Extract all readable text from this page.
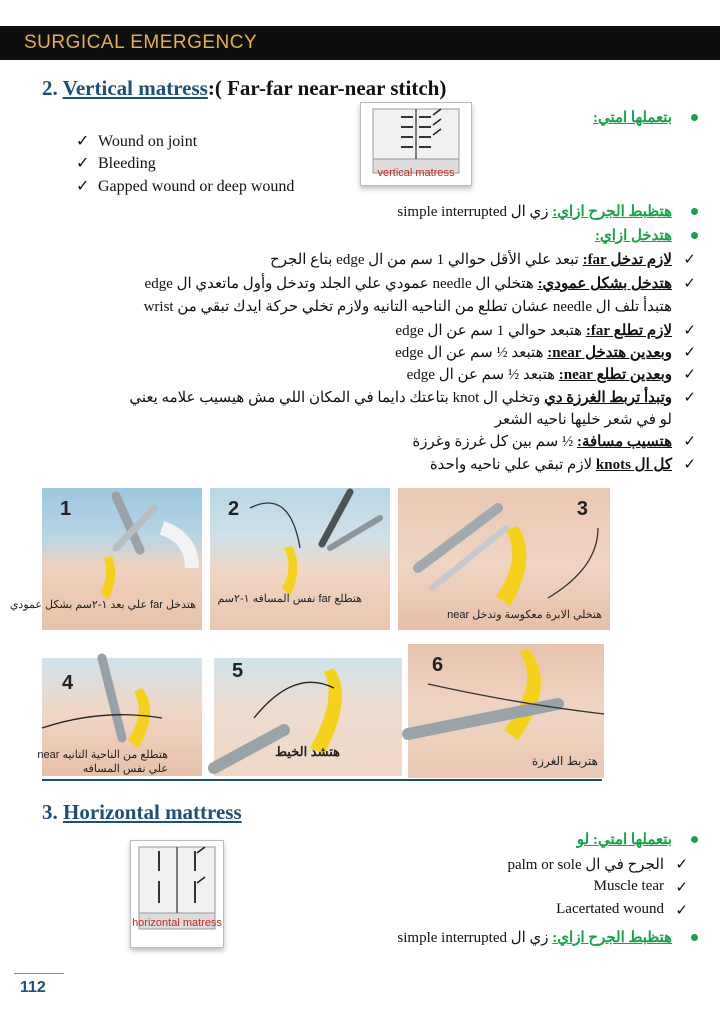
SURGICAL EMERGENCY
2. Vertical matress:( Far-far near-near stitch)
vertical matress
بتعملها امتي:
✓ Wound on joint
✓ Bleeding
✓ Gapped wound or deep wound
هتظبط الجرح ازاي: زي ال simple interrupted
هتدخل ازاي:
لازم تدخل far: تبعد علي الأقل حوالي 1 سم من ال edge بتاع الجرح	✓
هتدخل بشكل عمودي: هتخلي ال needle عمودي علي الجلد وتدخل وأول ماتعدي ال edge	✓
هتبدأ تلف ال needle عشان تطلع من الناحيه التانيه ولازم تخلي حركة ايدك تبقي من wrist
لازم تطلع far: هتبعد حوالي 1 سم عن ال edge	✓
وبعدين هتدخل near: هتبعد ½ سم عن ال edge	✓
وبعدين تطلع near: هتبعد ½ سم عن ال edge	✓
وتبدأ تربط الغرزة دي وتخلي ال knot بتاعتك دايما في المكان اللي مش هيسيب علامه يعني	✓
لو في شعر خليها ناحيه الشعر
هتسيب مسافة: ½ سم بين كل غرزة وغرزة	✓
كل ال knots لازم تبقي علي ناحيه واحدة	✓
1
هتدخل far علي بعد ١-٢سم بشكل عمودي
2
هتطلع far نفس المسافه ١-٢سم
3
هتخلي الابرة معكوسة وتدخل near
4
هتطلع من الناحية التانيه near
علي نفس المسافه
5
هتشد الخيط
6
هتربط الغرزة
3. Horizontal mattress
horizontal matress
بتعملها امتي: لو
الجرح في ال palm or sole ✓
Muscle tear ✓
Lacertated wound ✓
هتظبط الجرح ازاي: زي ال simple interrupted
112
